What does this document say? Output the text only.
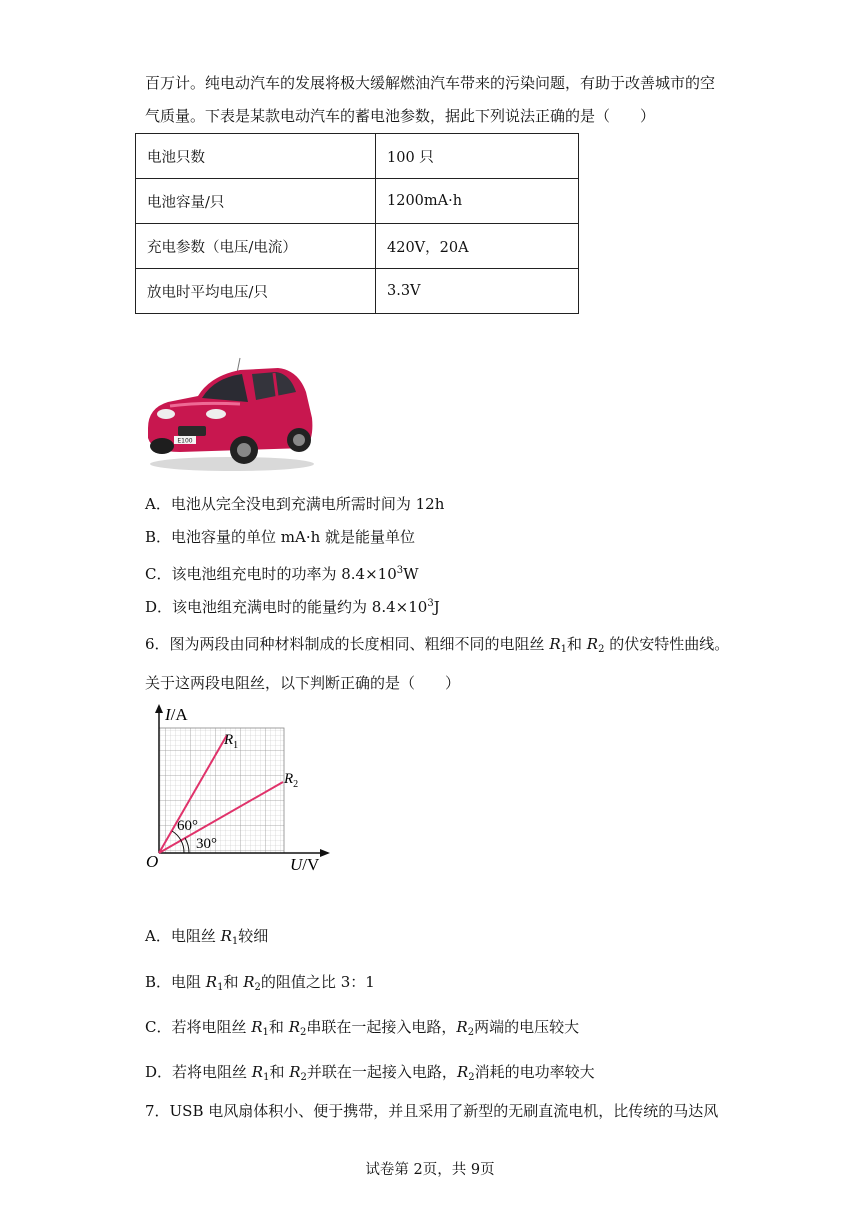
百万计。纯电动汽车的发展将极大缓解燃油汽车带来的污染问题，有助于改善城市的空
气质量。下表是某款电动汽车的蓄电池参数，据此下列说法正确的是（　　）
电池只数	100 只
电池容量/只	1200mA·h
充电参数（电压/电流）	420V，20A
放电时平均电压/只	3.3V
E100
A．电池从完全没电到充满电所需时间为 12h
B．电池容量的单位 mA·h 就是能量单位
C．该电池组充电时的功率为 $8.4\times 10^3W$
D．该电池组充满电时的能量约为 $8.4\times 10^3J$
6．图为两段由同种材料制成的长度相同、粗细不同的电阻丝 $R_1$和 $R_2$ 的伏安特性曲线。
关于这两段电阻丝，以下判断正确的是（　　）
I/A
U/V
O
$R_1$
$R_2$
60°
30°
A．电阻丝 $R_1$较细
B．电阻 $R_1$和 $R_2$的阻值之比 3：1
C．若将电阻丝 $R_1$和 $R_2$串联在一起接入电路，$R_2$两端的电压较大
D．若将电阻丝 $R_1$和 $R_2$并联在一起接入电路，$R_2$消耗的电功率较大
7．USB 电风扇体积小、便于携带，并且采用了新型的无刷直流电机，比传统的马达风
试卷第 2页，共 9页
